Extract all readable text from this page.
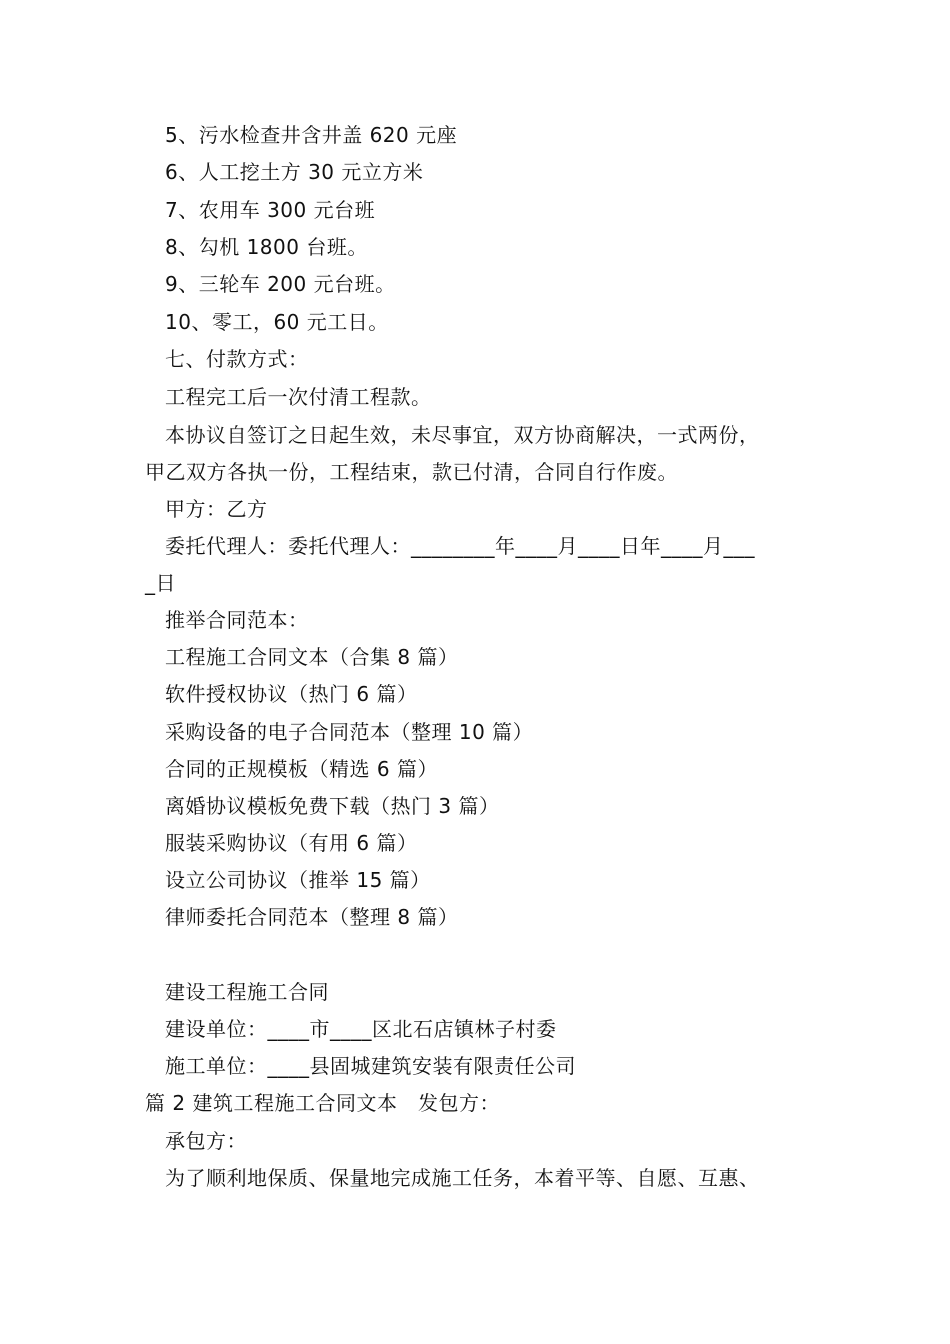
5、污水检查井含井盖 620 元座
6、人工挖土方 30 元立方米
7、农用车 300 元台班
8、勾机 1800 台班。
9、三轮车 200 元台班。
10、零工，60 元工日。
七、付款方式：
工程完工后一次付清工程款。
本协议自签订之日起生效，未尽事宜，双方协商解决，一式两份，
甲乙双方各执一份，工程结束，款已付清，合同自行作废。
甲方：乙方
委托代理人：委托代理人：________年____月____日年____月___
_日
推举合同范本：
工程施工合同文本（合集 8 篇）
软件授权协议（热门 6 篇）
采购设备的电子合同范本（整理 10 篇）
合同的正规模板（精选 6 篇）
离婚协议模板免费下载（热门 3 篇）
服装采购协议（有用 6 篇）
设立公司协议（推举 15 篇）
律师委托合同范本（整理 8 篇）
建设工程施工合同
建设单位：____市____区北石店镇林子村委
施工单位：____县固城建筑安装有限责任公司
篇 2 建筑工程施工合同文本　发包方：
承包方：
为了顺利地保质、保量地完成施工任务，本着平等、自愿、互惠、
